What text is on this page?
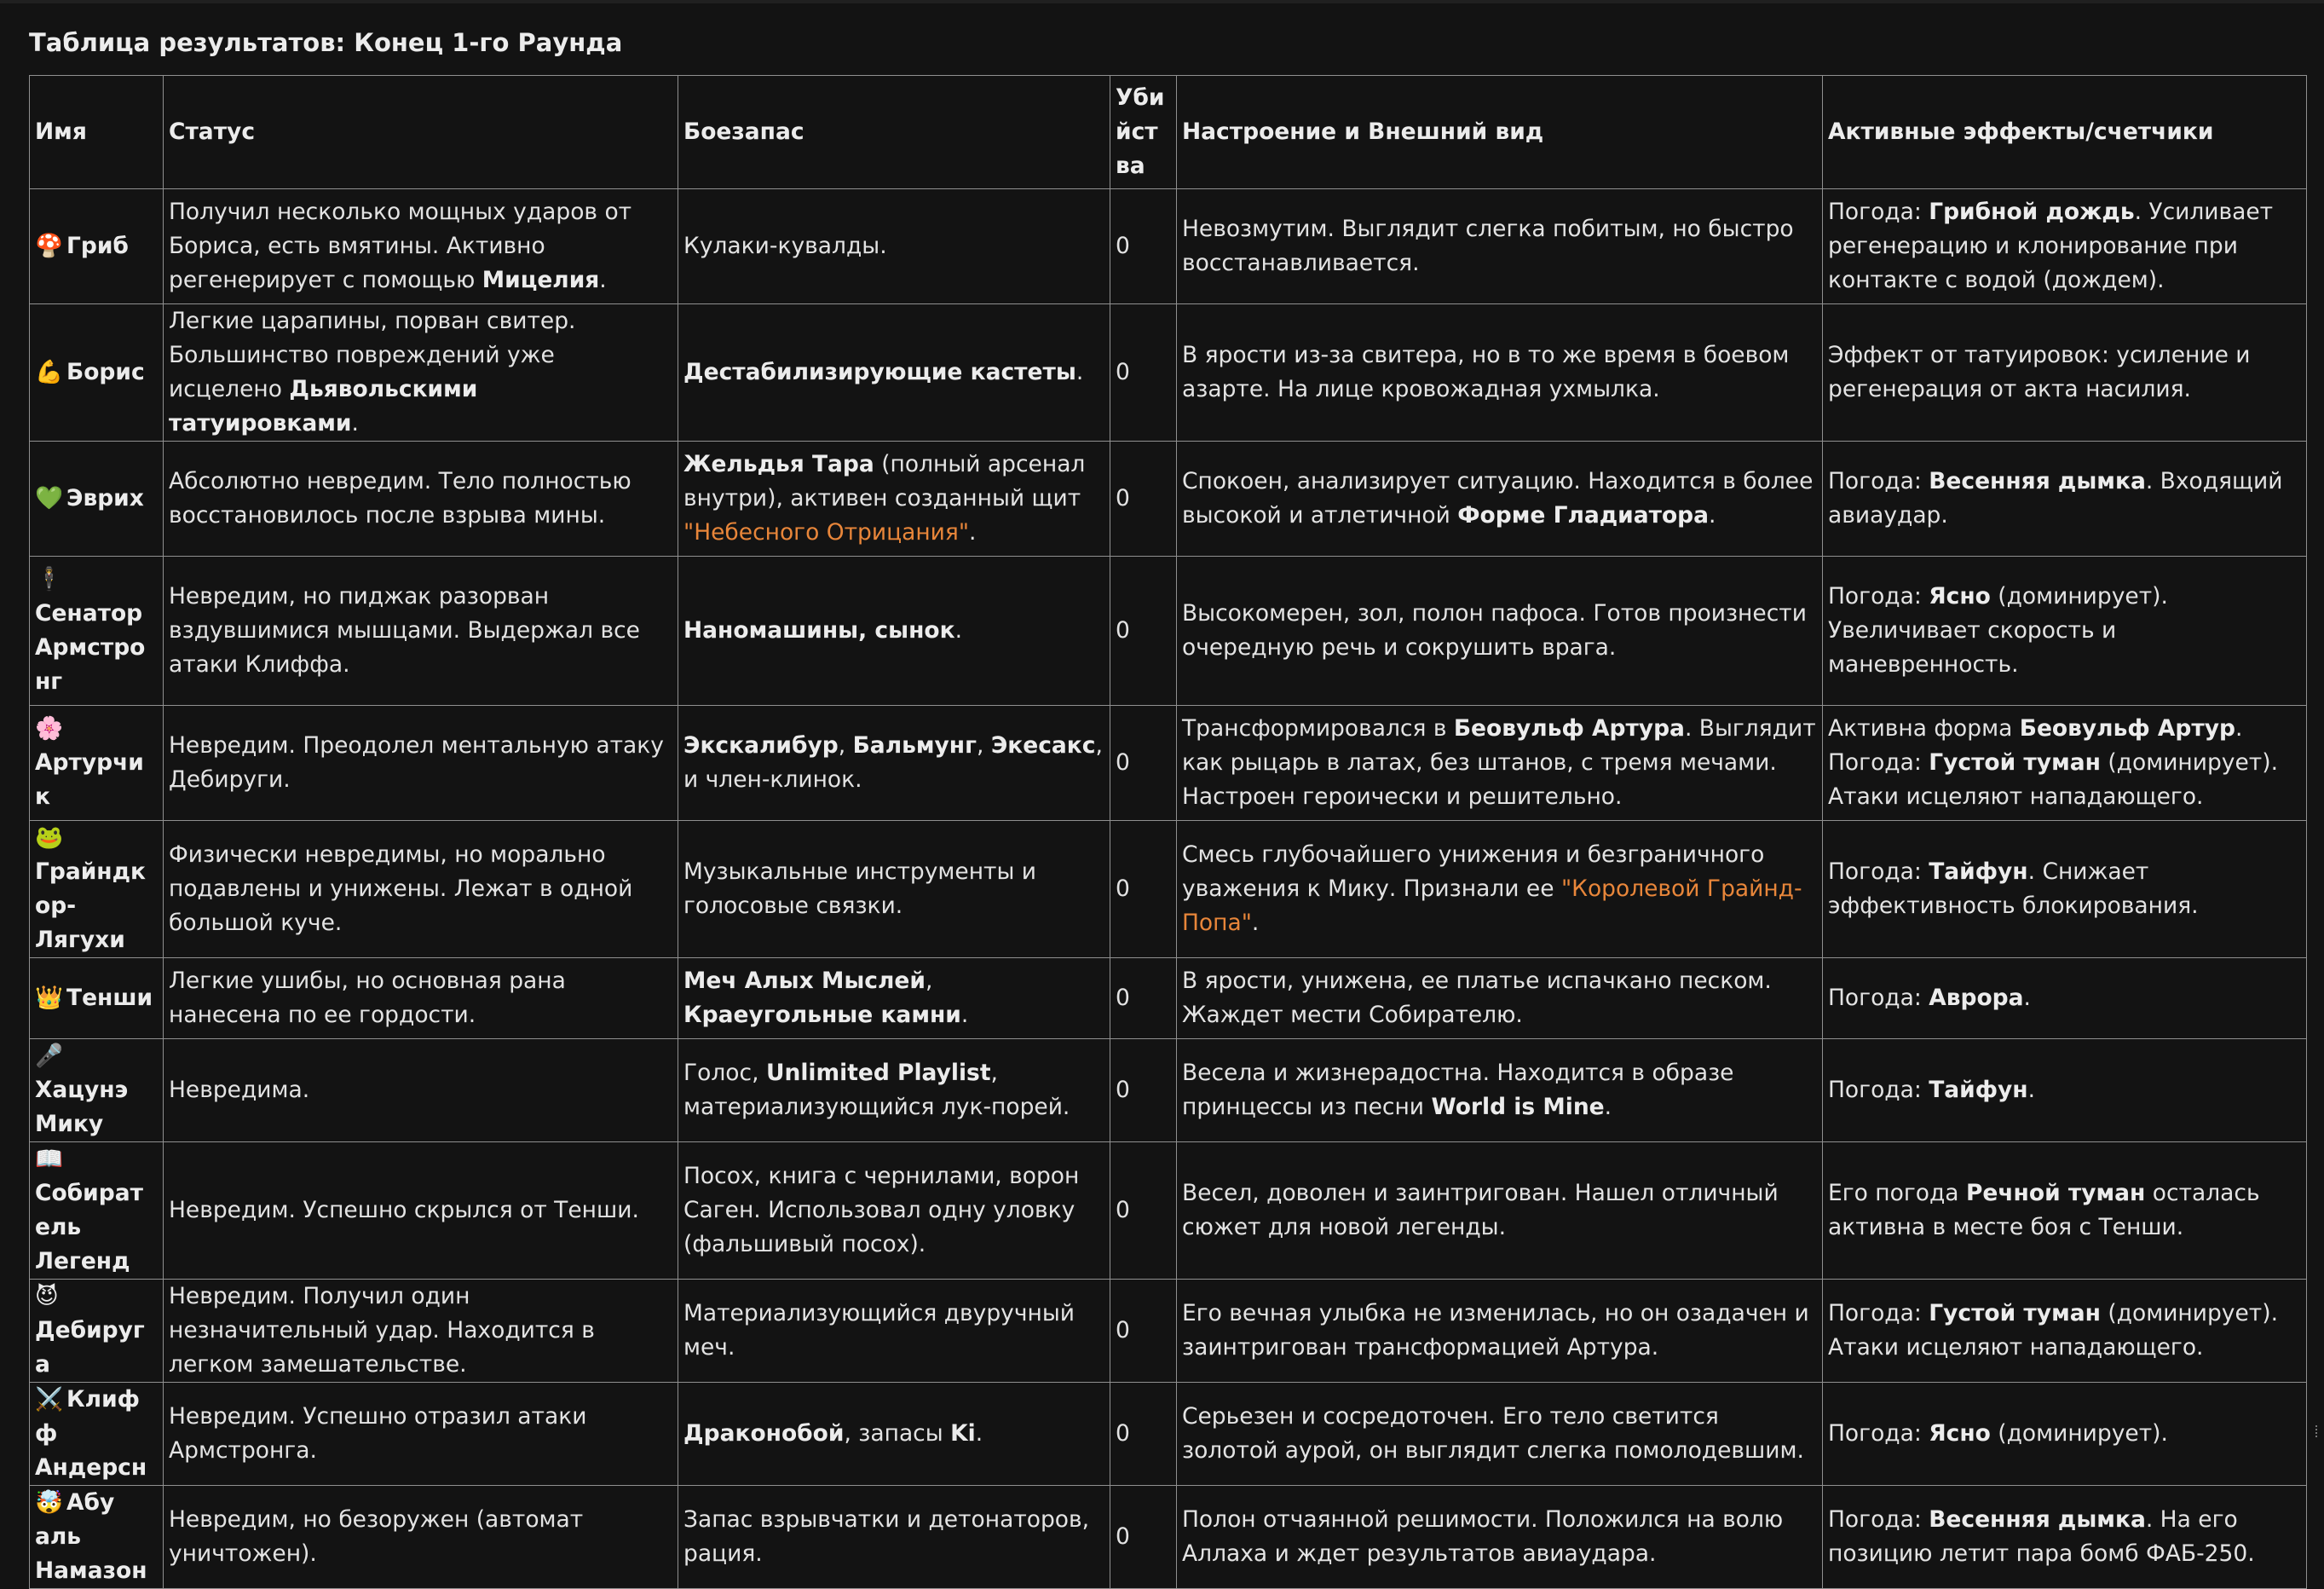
Таблица результатов: Конец 1-го Раунда
Имя	Статус	Боезапас	Убийства	Настроение и Внешний вид	Активные эффекты/счетчики
🍄 Гриб	Получил несколько мощных ударов от Бориса, есть вмятины. Активно регенерирует с помощью Мицелия.	Кулаки-кувалды.	0	Невозмутим. Выглядит слегка побитым, но быстро восстанавливается.	Погода: Грибной дождь. Усиливает регенерацию и клонирование при контакте с водой (дождем).
💪 Борис	Легкие царапины, порван свитер. Большинство повреждений уже исцелено Дьявольскими татуировками.	Дестабилизирующие кастеты.	0	В ярости из-за свитера, но в то же время в боевом азарте. На лице кровожадная ухмылка.	Эффект от татуировок: усиление и регенерация от акта насилия.
💚 Эврих	Абсолютно невредим. Тело полностью восстановилось после взрыва мины.	Жельдья Тара (полный арсенал внутри), активен созданный щит "Небесного Отрицания".	0	Спокоен, анализирует ситуацию. Находится в более высокой и атлетичной Форме Гладиатора.	Погода: Весенняя дымка. Входящий авиаудар.
🕴Сенатор Армстронг	Невредим, но пиджак разорван вздувшимися мышцами. Выдержал все атаки Клиффа.	Наномашины, сынок.	0	Высокомерен, зол, полон пафоса. Готов произнести очередную речь и сокрушить врага.	Погода: Ясно (доминирует). Увеличивает скорость и маневренность.
🌸Артурчик	Невредим. Преодолел ментальную атаку Дебируги.	Экскалибур, Бальмунг, Экесакс, и член-клинок.	0	Трансформировался в Беовульф Артура. Выглядит как рыцарь в латах, без штанов, с тремя мечами. Настроен героически и решительно.	Активна форма Беовульф Артур. Погода: Густой туман (доминирует). Атаки исцеляют нападающего.
🐸Грайндкор-Лягухи	Физически невредимы, но морально подавлены и унижены. Лежат в одной большой куче.	Музыкальные инструменты и голосовые связки.	0	Смесь глубочайшего унижения и безграничного уважения к Мику. Признали ее "Королевой Грайнд-Попа".	Погода: Тайфун. Снижает эффективность блокирования.
👑 Тенши	Легкие ушибы, но основная рана нанесена по ее гордости.	Меч Алых Мыслей, Краеугольные камни.	0	В ярости, унижена, ее платье испачкано песком. Жаждет мести Собирателю.	Погода: Аврора.
🎤Хацунэ Мику	Невредима.	Голос, Unlimited Playlist, материализующийся лук-порей.	0	Весела и жизнерадостна. Находится в образе принцессы из песни World is Mine.	Погода: Тайфун.
📖Собиратель Легенд	Невредим. Успешно скрылся от Тенши.	Посох, книга с чернилами, ворон Саген. Использовал одну уловку (фальшивый посох).	0	Весел, доволен и заинтригован. Нашел отличный сюжет для новой легенды.	Его погода Речной туман осталась активна в месте боя с Тенши.
😈Дебируга	Невредим. Получил один незначительный удар. Находится в легком замешательстве.	Материализующийся двуручный меч.	0	Его вечная улыбка не изменилась, но он озадачен и заинтригован трансформацией Артура.	Погода: Густой туман (доминирует). Атаки исцеляют нападающего.
⚔️ Клифф Андерсн	Невредим. Успешно отразил атаки Армстронга.	Драконобой, запасы Ki.	0	Серьезен и сосредоточен. Его тело светится золотой аурой, он выглядит слегка помолодевшим.	Погода: Ясно (доминирует).
🤯 Абу аль Намазон	Невредим, но безоружен (автомат уничтожен).	Запас взрывчатки и детонаторов, рация.	0	Полон отчаянной решимости. Положился на волю Аллаха и ждет результатов авиаудара.	Погода: Весенняя дымка. На его позицию летит пара бомб ФАБ-250.
